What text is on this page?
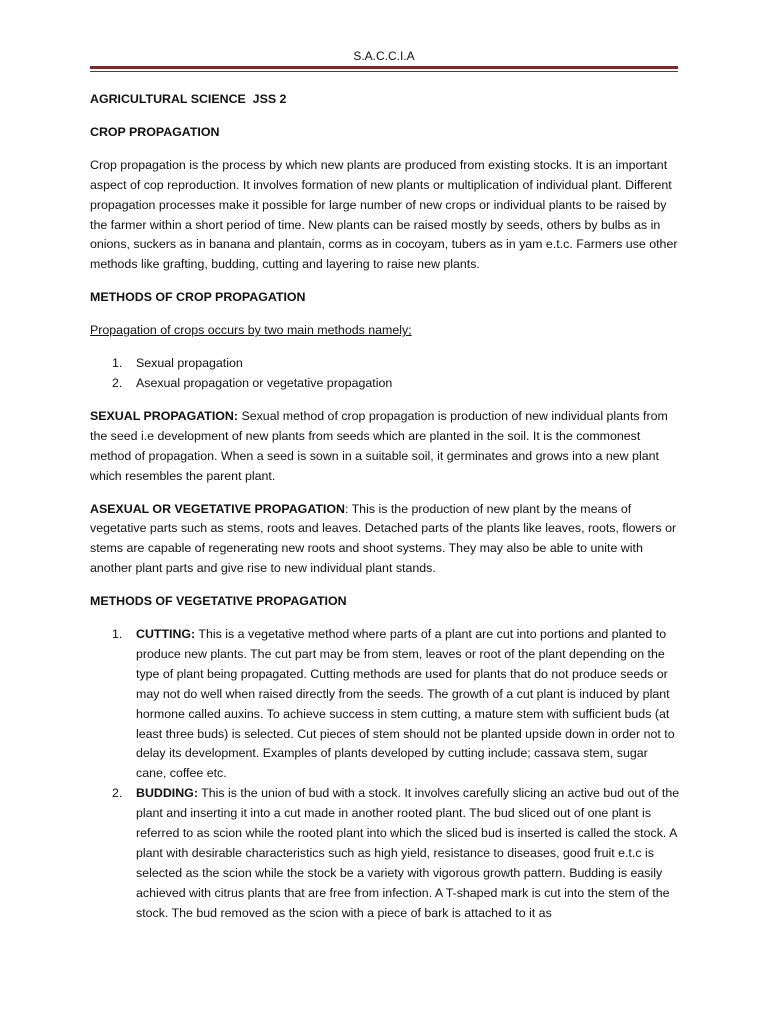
S.A.C.C.I.A

AGRICULTURAL SCIENCE  JSS 2

CROP PROPAGATION

Crop propagation is the process by which new plants are produced from existing stocks. It is an important aspect of cop reproduction. It involves formation of new plants or multiplication of individual plant. Different propagation processes make it possible for large number of new crops or individual plants to be raised by the farmer within a short period of time. New plants can be raised mostly by seeds, others by bulbs as in onions, suckers as in banana and plantain, corms as in cocoyam, tubers as in yam e.t.c. Farmers use other methods like grafting, budding, cutting and layering to raise new plants.

METHODS OF CROP PROPAGATION

Propagation of crops occurs by two main methods namely;

1. Sexual propagation
2. Asexual propagation or vegetative propagation

SEXUAL PROPAGATION: Sexual method of crop propagation is production of new individual plants from the seed i.e development of new plants from seeds which are planted in the soil. It is the commonest method of propagation. When a seed is sown in a suitable soil, it germinates and grows into a new plant which resembles the parent plant.

ASEXUAL OR VEGETATIVE PROPAGATION: This is the production of new plant by the means of vegetative parts such as stems, roots and leaves. Detached parts of the plants like leaves, roots, flowers or stems are capable of regenerating new roots and shoot systems. They may also be able to unite with another plant parts and give rise to new individual plant stands.

METHODS OF VEGETATIVE PROPAGATION

1. CUTTING: This is a vegetative method where parts of a plant are cut into portions and planted to produce new plants. The cut part may be from stem, leaves or root of the plant depending on the type of plant being propagated. Cutting methods are used for plants that do not produce seeds or may not do well when raised directly from the seeds. The growth of a cut plant is induced by plant hormone called auxins. To achieve success in stem cutting, a mature stem with sufficient buds (at least three buds) is selected. Cut pieces of stem should not be planted upside down in order not to delay its development. Examples of plants developed by cutting include; cassava stem, sugar cane, coffee etc.
2. BUDDING: This is the union of bud with a stock. It involves carefully slicing an active bud out of the plant and inserting it into a cut made in another rooted plant. The bud sliced out of one plant is referred to as scion while the rooted plant into which the sliced bud is inserted is called the stock. A plant with desirable characteristics such as high yield, resistance to diseases, good fruit e.t.c is selected as the scion while the stock be a variety with vigorous growth pattern. Budding is easily achieved with citrus plants that are free from infection. A T-shaped mark is cut into the stem of the stock. The bud removed as the scion with a piece of bark is attached to it as
